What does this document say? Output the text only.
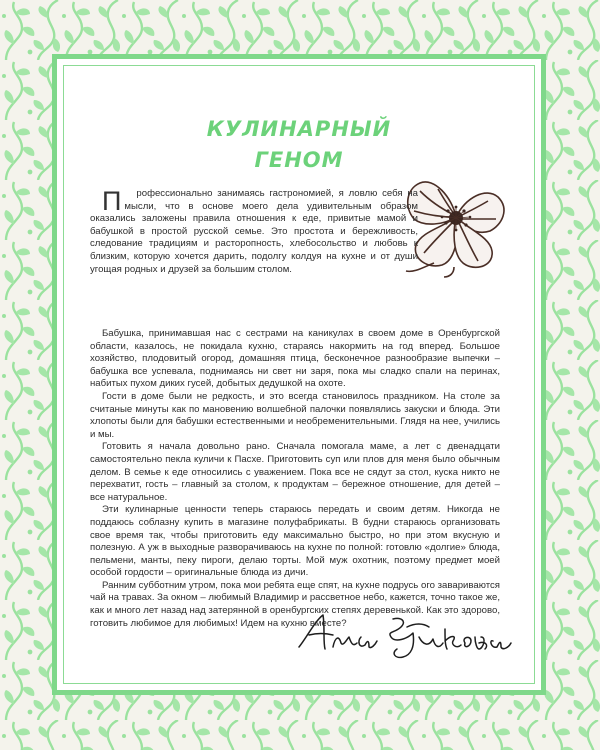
КУЛИНАРНЫЙ
ГЕНОМ

Профессионально занимаясь гастрономией, я ловлю себя на мысли, что в основе моего дела удивительным образом оказались заложены правила отношения к еде, привитые мамой и бабушкой в простой русской семье. Это простота и бережливость, следование традициям и расторопность, хлебосольство и любовь к близким, которую хочется дарить, подолгу колдуя на кухне и от души угощая родных и друзей за большим столом.

Бабушка, принимавшая нас с сестрами на каникулах в своем доме в Оренбургской области, казалось, не покидала кухню, стараясь накормить на год вперед. Большое хозяйство, плодовитый огород, домашняя птица, бесконечное разнообразие выпечки – бабушка все успевала, поднимаясь ни свет ни заря, пока мы сладко спали на перинах, набитых пухом диких гусей, добытых дедушкой на охоте.

Гости в доме были не редкость, и это всегда становилось праздником. На столе за считаные минуты как по мановению волшебной палочки появлялись закуски и блюда. Эти хлопоты были для бабушки естественными и необременительными. Глядя на нее, учились и мы.

Готовить я начала довольно рано. Сначала помогала маме, а лет с двенадцати самостоятельно пекла куличи к Пасхе. Приготовить суп или плов для меня было обычным делом. В семье к еде относились с уважением. Пока все не сядут за стол, куска никто не перехватит, гость – главный за столом, к продуктам – бережное отношение, для детей – все натуральное.

Эти кулинарные ценности теперь стараюсь передать и своим детям. Никогда не поддаюсь соблазну купить в магазине полуфабрикаты. В будни стараюсь организовать свое время так, чтобы приготовить еду максимально быстро, но при этом вкусную и полезную. А уж в выходные разворачиваюсь на кухне по полной: готовлю «долгие» блюда, пельмени, манты, пеку пироги, делаю торты. Мой муж охотник, поэтому предмет моей особой гордости – оригинальные блюда из дичи.

Ранним субботним утром, пока мои ребята еще спят, на кухне подрусь ого завариваются чай на травах. За окном – любимый Владимир и рассветное небо, кажется, точно такое же, как и много лет назад над затерянной в оренбургских степях деревенькой. Как это здорово, готовить любимое для любимых! Идем на кухню вместе?
